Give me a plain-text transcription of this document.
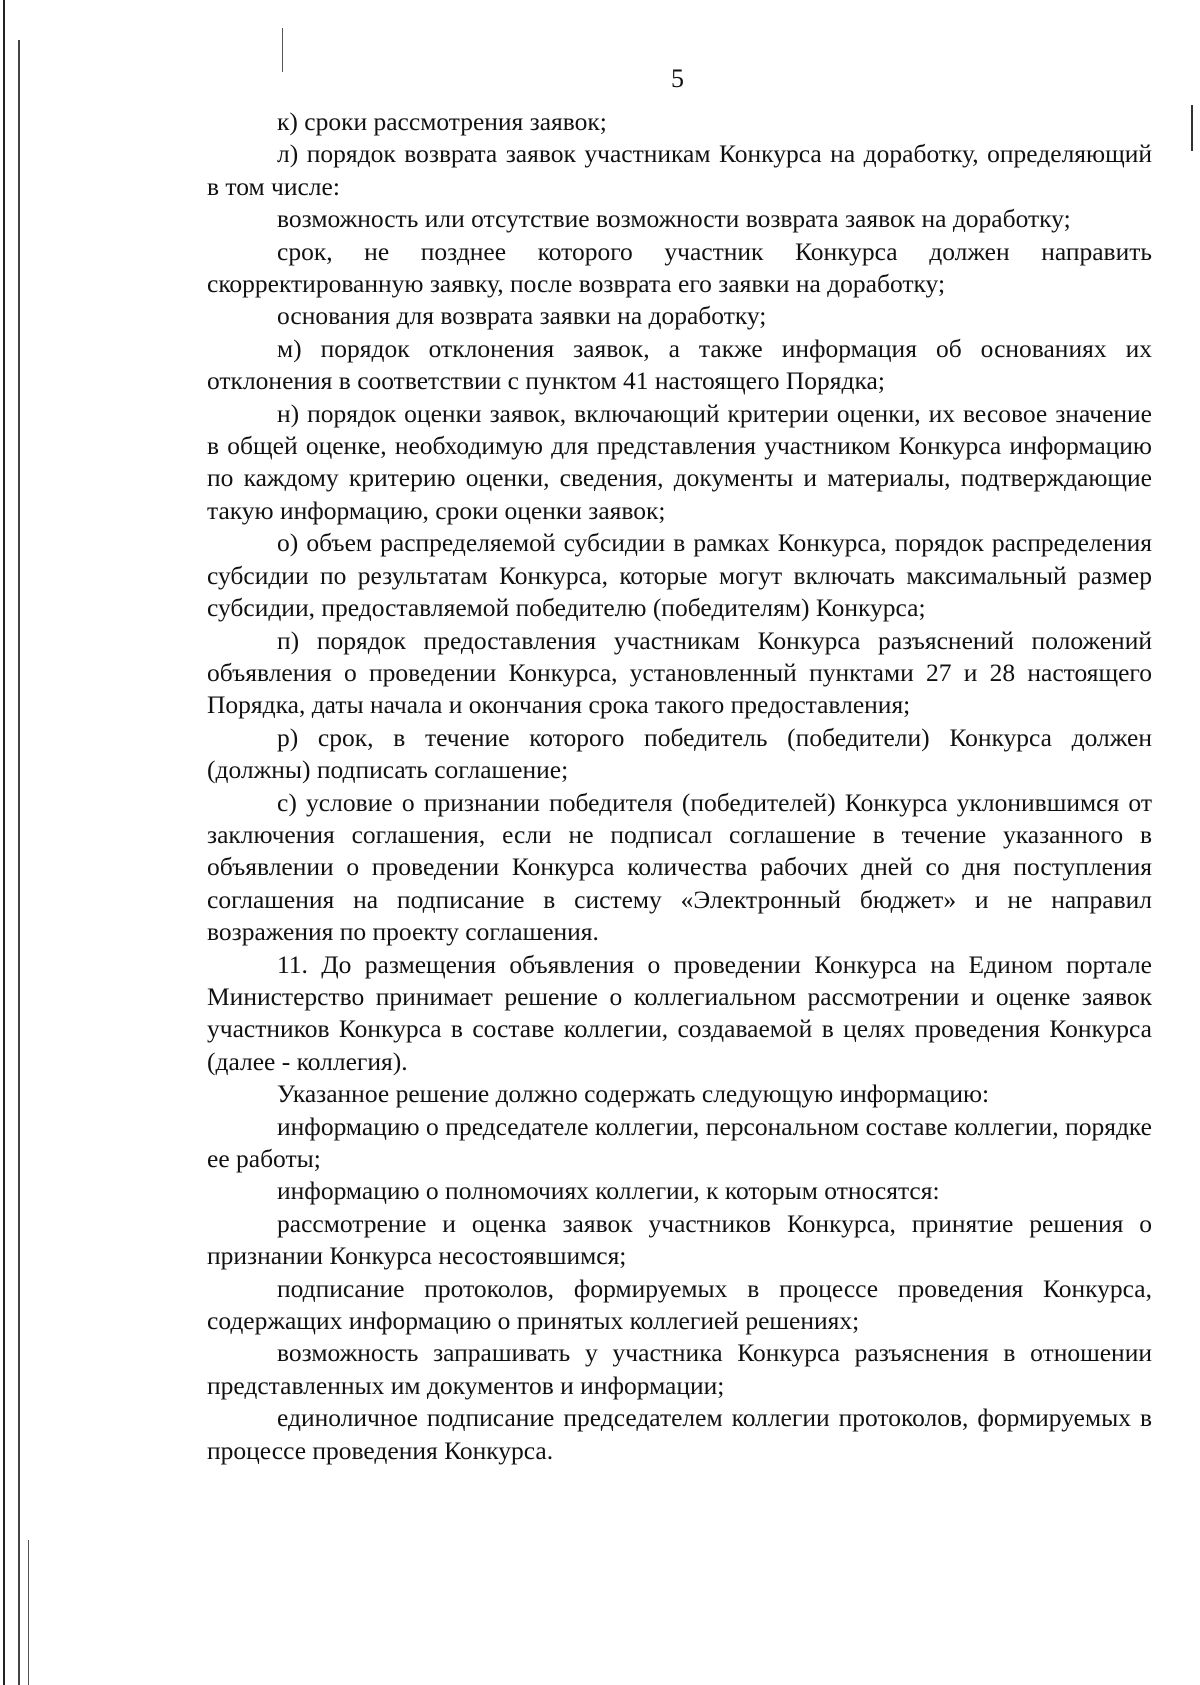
5

к) сроки рассмотрения заявок;

л) порядок возврата заявок участникам Конкурса на доработку, определяющий в том числе:

возможность или отсутствие возможности возврата заявок на доработку;

срок, не позднее которого участник Конкурса должен направить скорректированную заявку, после возврата его заявки на доработку;

основания для возврата заявки на доработку;

м) порядок отклонения заявок, а также информация об основаниях их отклонения в соответствии с пунктом 41 настоящего Порядка;

н) порядок оценки заявок, включающий критерии оценки, их весовое значение в общей оценке, необходимую для представления участником Конкурса информацию по каждому критерию оценки, сведения, документы и материалы, подтверждающие такую информацию, сроки оценки заявок;

о) объем распределяемой субсидии в рамках Конкурса, порядок распределения субсидии по результатам Конкурса, которые могут включать максимальный размер субсидии, предоставляемой победителю (победителям) Конкурса;

п) порядок предоставления участникам Конкурса разъяснений положений объявления о проведении Конкурса, установленный пунктами 27 и 28 настоящего Порядка, даты начала и окончания срока такого предоставления;

р) срок, в течение которого победитель (победители) Конкурса должен (должны) подписать соглашение;

с) условие о признании победителя (победителей) Конкурса уклонившимся от заключения соглашения, если не подписал соглашение в течение указанного в объявлении о проведении Конкурса количества рабочих дней со дня поступления соглашения на подписание в систему «Электронный бюджет» и не направил возражения по проекту соглашения.

11. До размещения объявления о проведении Конкурса на Едином портале Министерство принимает решение о коллегиальном рассмотрении и оценке заявок участников Конкурса в составе коллегии, создаваемой в целях проведения Конкурса (далее - коллегия).

Указанное решение должно содержать следующую информацию:

информацию о председателе коллегии, персональном составе коллегии, порядке ее работы;

информацию о полномочиях коллегии, к которым относятся:

рассмотрение и оценка заявок участников Конкурса, принятие решения о признании Конкурса несостоявшимся;

подписание протоколов, формируемых в процессе проведения Конкурса, содержащих информацию о принятых коллегией решениях;

возможность запрашивать у участника Конкурса разъяснения в отношении представленных им документов и информации;

единоличное подписание председателем коллегии протоколов, формируемых в процессе проведения Конкурса.
